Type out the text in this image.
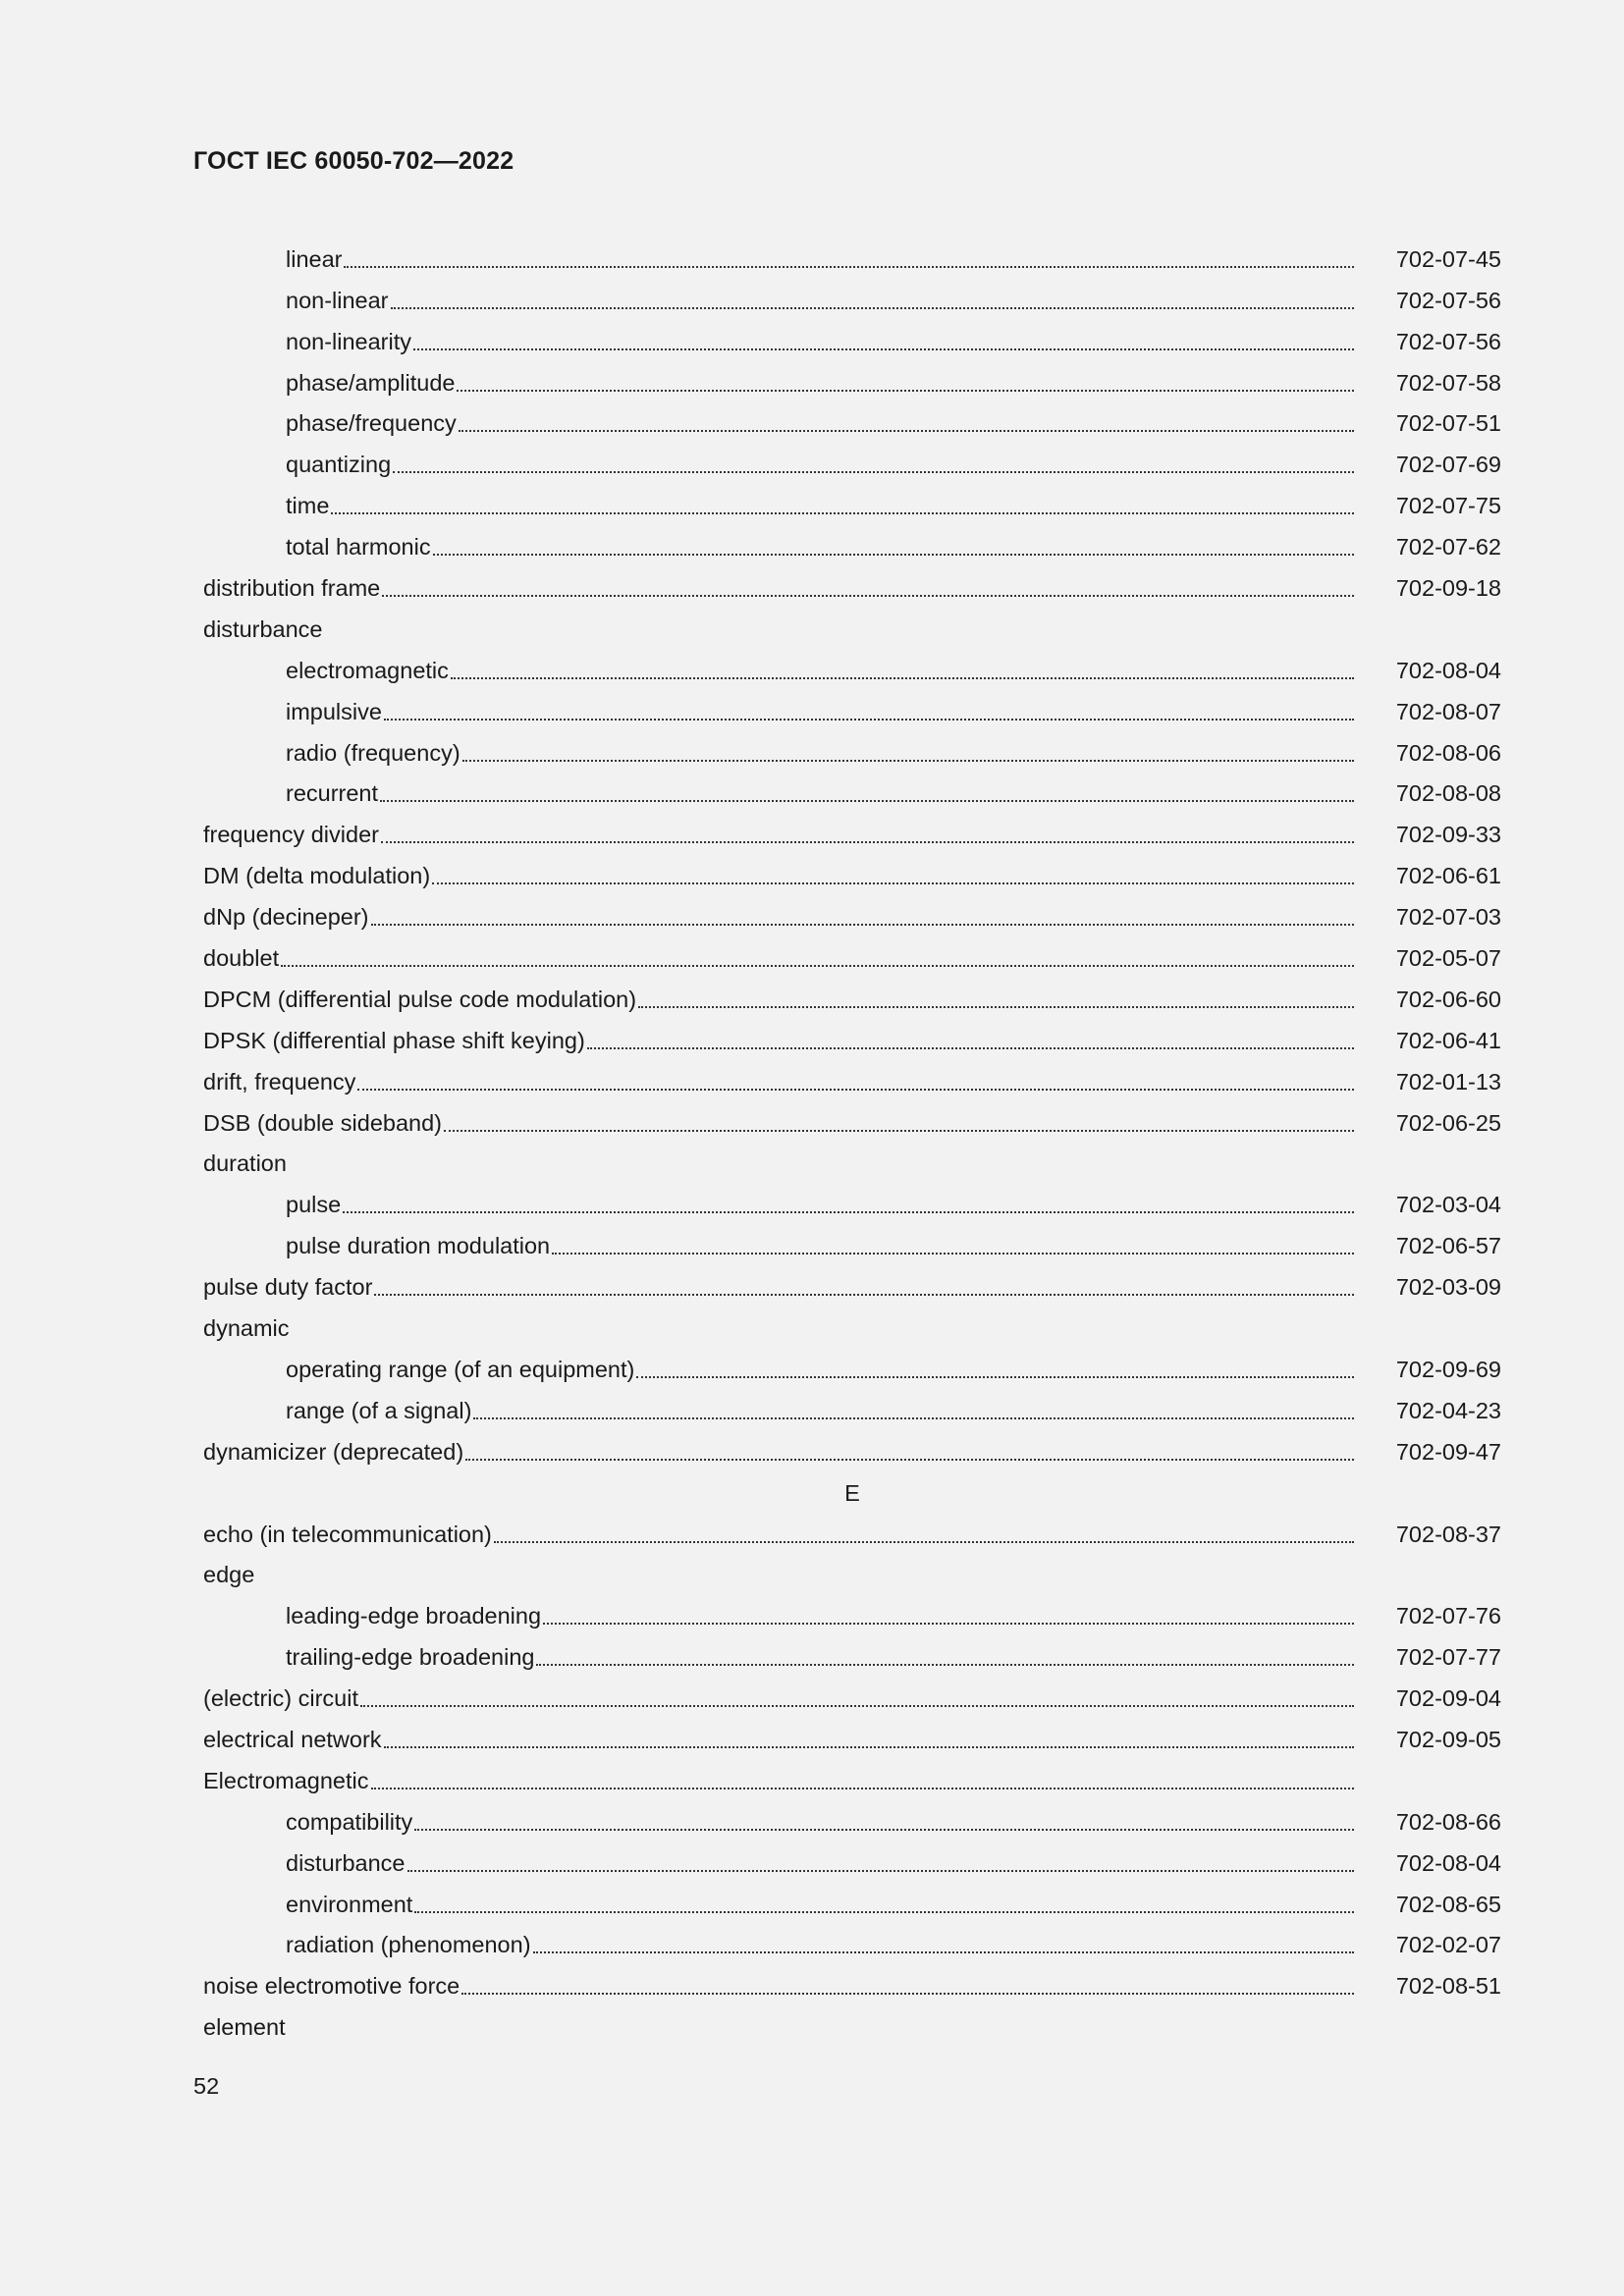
ГОСТ IEC 60050-702—2022
linear	702-07-45
non-linear	702-07-56
non-linearity	702-07-56
phase/amplitude	702-07-58
phase/frequency	702-07-51
quantizing	702-07-69
time	702-07-75
total harmonic	702-07-62
distribution frame	702-09-18
disturbance
electromagnetic	702-08-04
impulsive	702-08-07
radio (frequency)	702-08-06
recurrent	702-08-08
frequency divider	702-09-33
DM (delta modulation)	702-06-61
dNp (decineper)	702-07-03
doublet	702-05-07
DPCM (differential pulse code modulation)	702-06-60
DPSK (differential phase shift keying)	702-06-41
drift, frequency	702-01-13
DSB (double sideband)	702-06-25
duration
pulse	702-03-04
pulse duration modulation	702-06-57
pulse duty factor	702-03-09
dynamic
operating range (of an equipment)	702-09-69
range (of a signal)	702-04-23
dynamicizer (deprecated)	702-09-47
E
echo (in telecommunication)	702-08-37
edge
leading-edge broadening	702-07-76
trailing-edge broadening	702-07-77
(electric) circuit	702-09-04
electrical network	702-09-05
Electromagnetic
compatibility	702-08-66
disturbance	702-08-04
environment	702-08-65
radiation (phenomenon)	702-02-07
noise electromotive force	702-08-51
element
52
